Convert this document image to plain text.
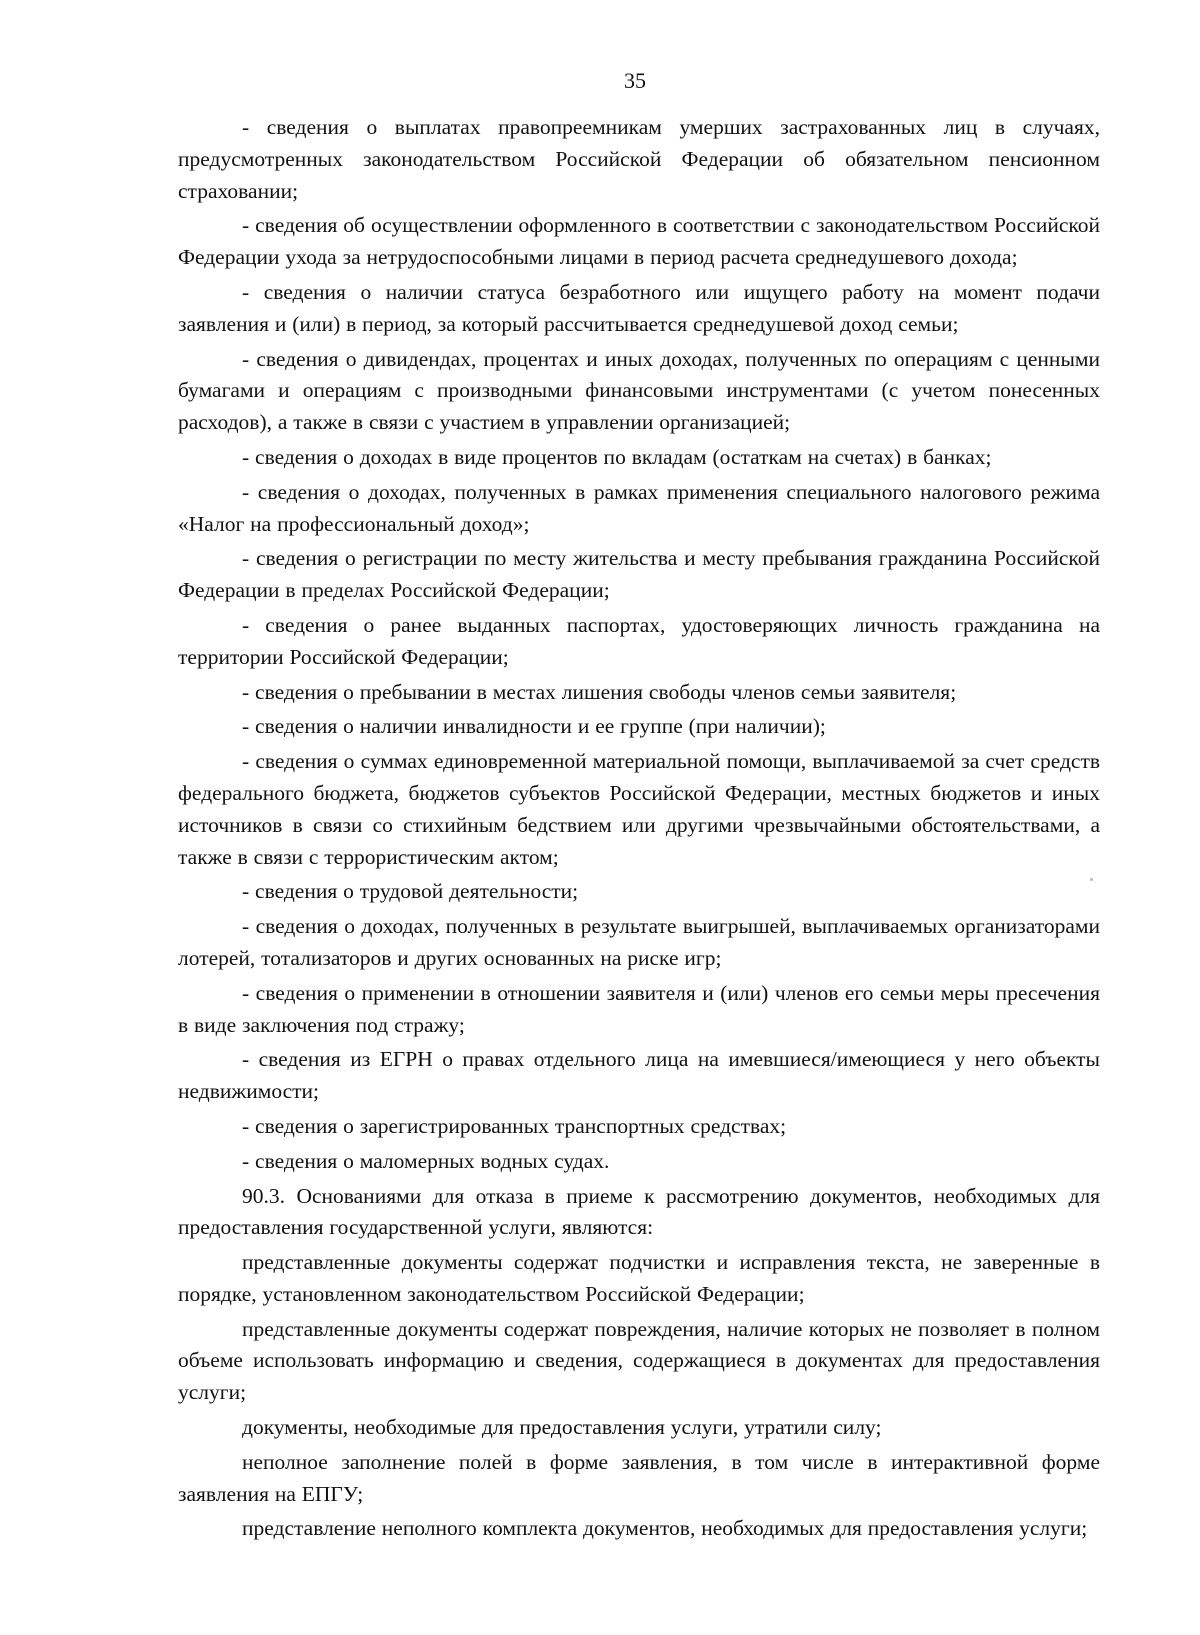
35

- сведения о выплатах правопреемникам умерших застрахованных лиц в случаях, предусмотренных законодательством Российской Федерации об обязательном пенсионном страховании;

- сведения об осуществлении оформленного в соответствии с законодательством Российской Федерации ухода за нетрудоспособными лицами в период расчета среднедушевого дохода;

- сведения о наличии статуса безработного или ищущего работу на момент подачи заявления и (или) в период, за который рассчитывается среднедушевой доход семьи;

- сведения о дивидендах, процентах и иных доходах, полученных по операциям с ценными бумагами и операциям с производными финансовыми инструментами (с учетом понесенных расходов), а также в связи с участием в управлении организацией;

- сведения о доходах в виде процентов по вкладам (остаткам на счетах) в банках;

- сведения о доходах, полученных в рамках применения специального налогового режима «Налог на профессиональный доход»;

- сведения о регистрации по месту жительства и месту пребывания гражданина Российской Федерации в пределах Российской Федерации;

- сведения о ранее выданных паспортах, удостоверяющих личность гражданина на территории Российской Федерации;

- сведения о пребывании в местах лишения свободы членов семьи заявителя;

- сведения о наличии инвалидности и ее группе (при наличии);

- сведения о суммах единовременной материальной помощи, выплачиваемой за счет средств федерального бюджета, бюджетов субъектов Российской Федерации, местных бюджетов и иных источников в связи со стихийным бедствием или другими чрезвычайными обстоятельствами, а также в связи с террористическим актом;

- сведения о трудовой деятельности;

- сведения о доходах, полученных в результате выигрышей, выплачиваемых организаторами лотерей, тотализаторов и других основанных на риске игр;

- сведения о применении в отношении заявителя и (или) членов его семьи меры пресечения в виде заключения под стражу;

- сведения из ЕГРН о правах отдельного лица на имевшиеся/имеющиеся у него объекты недвижимости;

- сведения о зарегистрированных транспортных средствах;

- сведения о маломерных водных судах.

90.3. Основаниями для отказа в приеме к рассмотрению документов, необходимых для предоставления государственной услуги, являются:

представленные документы содержат подчистки и исправления текста, не заверенные в порядке, установленном законодательством Российской Федерации;

представленные документы содержат повреждения, наличие которых не позволяет в полном объеме использовать информацию и сведения, содержащиеся в документах для предоставления услуги;

документы, необходимые для предоставления услуги, утратили силу;

неполное заполнение полей в форме заявления, в том числе в интерактивной форме заявления на ЕПГУ;

представление неполного комплекта документов, необходимых для предоставления услуги;
